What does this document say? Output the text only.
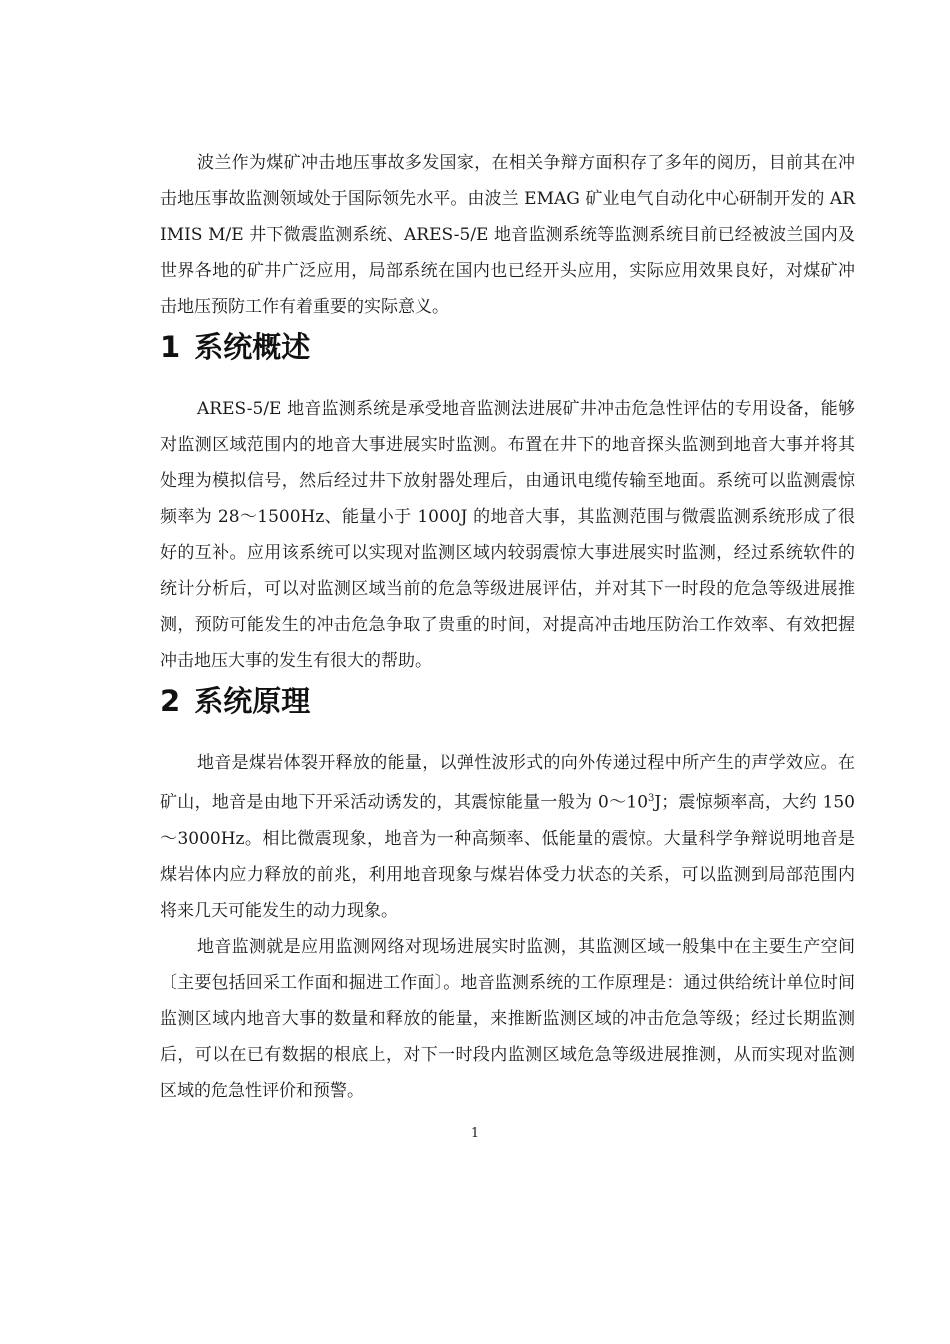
波兰作为煤矿冲击地压事故多发国家，在相关争辩方面积存了多年的阅历，目前其在冲击地压事故监测领域处于国际领先水平。由波兰 EMAG 矿业电气自动化中心研制开发的 ARIMIS M/E 井下微震监测系统、ARES-5/E 地音监测系统等监测系统目前已经被波兰国内及世界各地的矿井广泛应用，局部系统在国内也已经开头应用，实际应用效果良好，对煤矿冲击地压预防工作有着重要的实际意义。

1 系统概述

ARES-5/E 地音监测系统是承受地音监测法进展矿井冲击危急性评估的专用设备，能够对监测区域范围内的地音大事进展实时监测。布置在井下的地音探头监测到地音大事并将其处理为模拟信号，然后经过井下放射器处理后，由通讯电缆传输至地面。系统可以监测震惊频率为 28～1500Hz、能量小于 1000J 的地音大事，其监测范围与微震监测系统形成了很好的互补。应用该系统可以实现对监测区域内较弱震惊大事进展实时监测，经过系统软件的统计分析后，可以对监测区域当前的危急等级进展评估，并对其下一时段的危急等级进展推测，预防可能发生的冲击危急争取了贵重的时间，对提高冲击地压防治工作效率、有效把握冲击地压大事的发生有很大的帮助。

2 系统原理

地音是煤岩体裂开释放的能量，以弹性波形式的向外传递过程中所产生的声学效应。在矿山，地音是由地下开采活动诱发的，其震惊能量一般为 $0\sim 10^3J$；震惊频率高，大约 150～3000Hz。相比微震现象，地音为一种高频率、低能量的震惊。大量科学争辩说明地音是煤岩体内应力释放的前兆，利用地音现象与煤岩体受力状态的关系，可以监测到局部范围内将来几天可能发生的动力现象。

地音监测就是应用监测网络对现场进展实时监测，其监测区域一般集中在主要生产空间〔主要包括回采工作面和掘进工作面〕。地音监测系统的工作原理是：通过供给统计单位时间监测区域内地音大事的数量和释放的能量，来推断监测区域的冲击危急等级；经过长期监测后，可以在已有数据的根底上，对下一时段内监测区域危急等级进展推测，从而实现对监测区域的危急性评价和预警。

1
